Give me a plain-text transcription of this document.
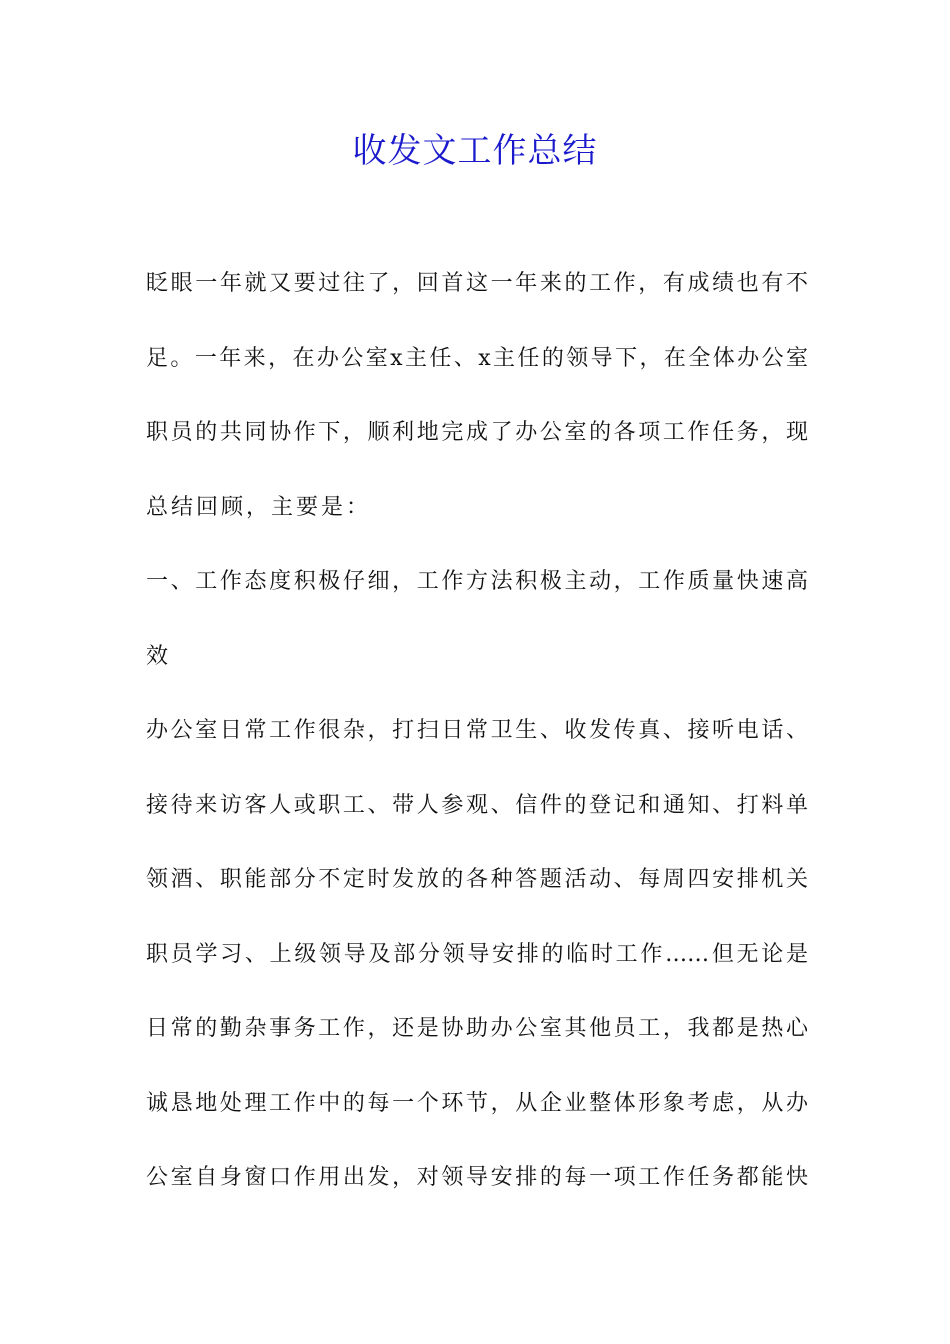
收发文工作总结
眨眼一年就又要过往了，回首这一年来的工作，有成绩也有不
足。一年来，在办公室x主任、x主任的领导下，在全体办公室
职员的共同协作下，顺利地完成了办公室的各项工作任务，现
总结回顾，主要是：
一、工作态度积极仔细，工作方法积极主动，工作质量快速高
效
办公室日常工作很杂，打扫日常卫生、收发传真、接听电话、
接待来访客人或职工、带人参观、信件的登记和通知、打料单
领酒、职能部分不定时发放的各种答题活动、每周四安排机关
职员学习、上级领导及部分领导安排的临时工作……但无论是
日常的勤杂事务工作，还是协助办公室其他员工，我都是热心
诚恳地处理工作中的每一个环节，从企业整体形象考虑，从办
公室自身窗口作用出发，对领导安排的每一项工作任务都能快
